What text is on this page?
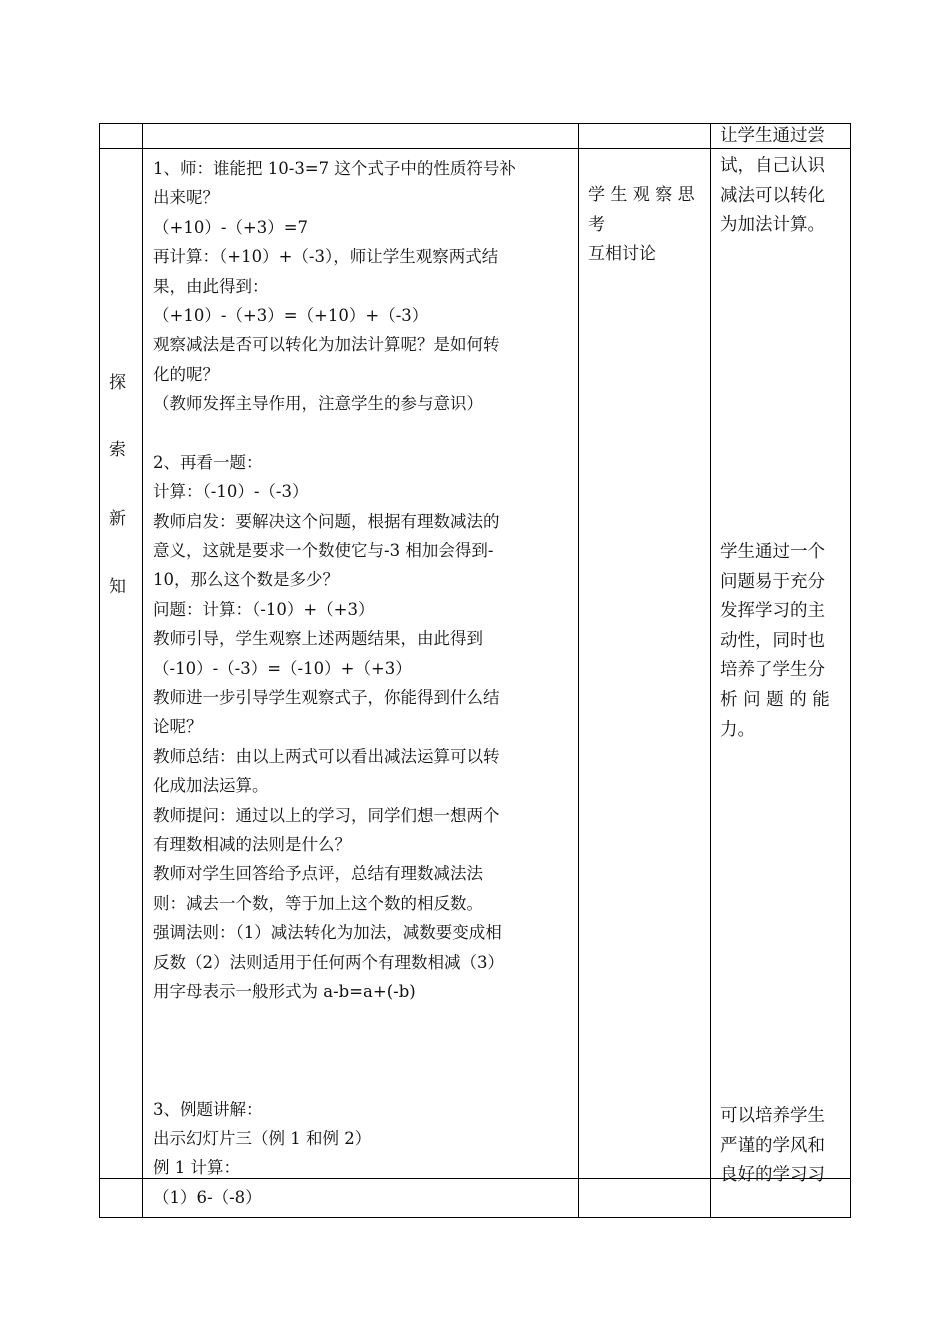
探
索
新
知
1、师：谁能把 10-3=7 这个式子中的性质符号补
出来呢？
（+10）-（+3）=7
再计算：（+10）+（-3），师让学生观察两式结
果，由此得到：
（+10）-（+3）=（+10）+（-3）
观察减法是否可以转化为加法计算呢？是如何转
化的呢？
（教师发挥主导作用，注意学生的参与意识）
2、再看一题：
计算：（-10）-（-3）
教师启发：要解决这个问题，根据有理数减法的
意义，这就是要求一个数使它与-3 相加会得到-
10，那么这个数是多少？
问题：计算：（-10）+（+3）
教师引导，学生观察上述两题结果，由此得到
（-10）-（-3）=（-10）+（+3）
教师进一步引导学生观察式子，你能得到什么结
论呢？
教师总结：由以上两式可以看出减法运算可以转
化成加法运算。
教师提问：通过以上的学习，同学们想一想两个
有理数相减的法则是什么？
教师对学生回答给予点评，总结有理数减法法
则：减去一个数，等于加上这个数的相反数。
强调法则：（1）减法转化为加法，减数要变成相
反数（2）法则适用于任何两个有理数相减（3）
用字母表示一般形式为 a-b=a+(-b)
3、例题讲解：
出示幻灯片三（例 1 和例 2）
例 1 计算：
（1）6-（-8）
学 生 观 察 思
考
互相讨论
让学生通过尝
试，自己认识
减法可以转化
为加法计算。
学生通过一个
问题易于充分
发挥学习的主
动性，同时也
培养了学生分
析 问 题 的 能
力。
可以培养学生
严谨的学风和
良好的学习习
